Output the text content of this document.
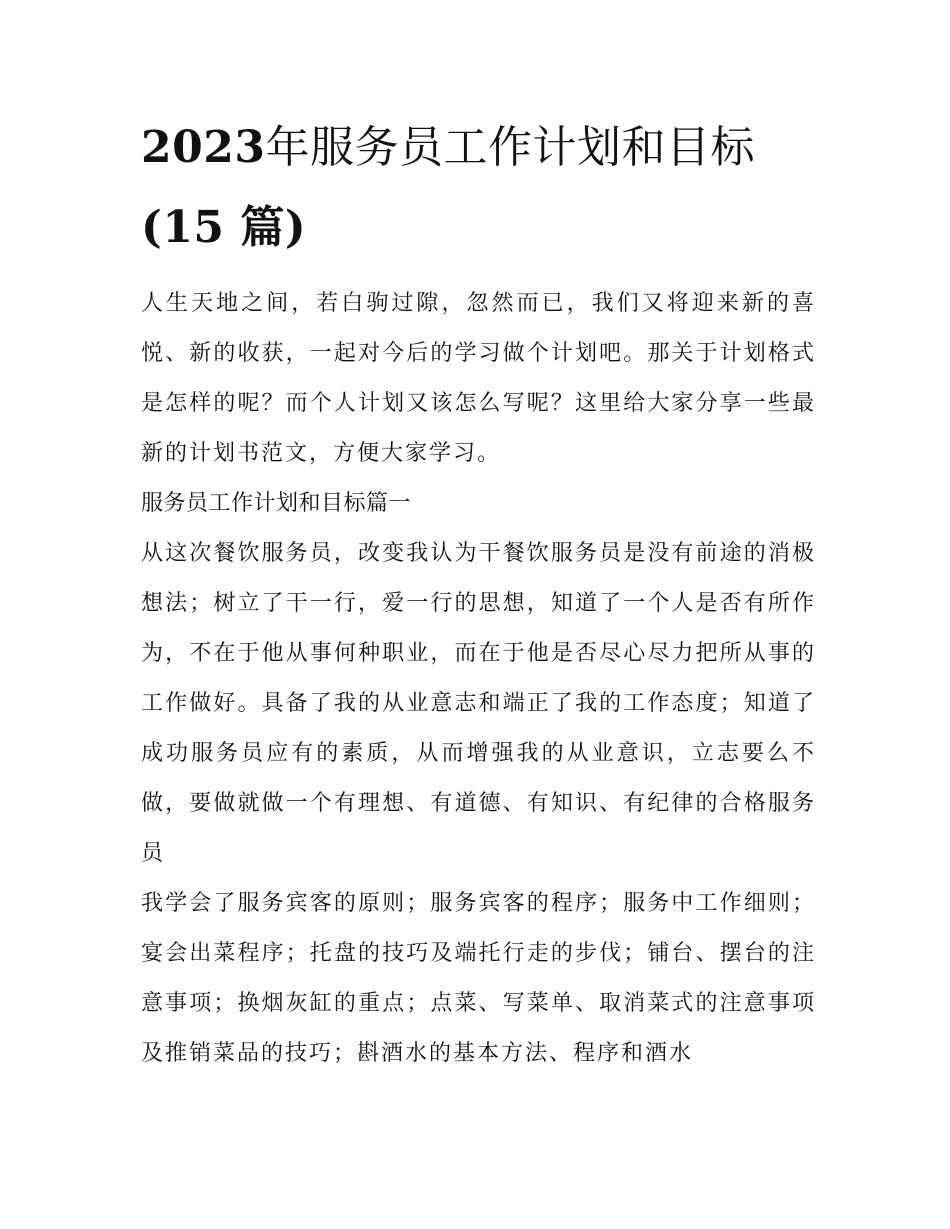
2023年服务员工作计划和目标
(15 篇)

人生天地之间，若白驹过隙，忽然而已，我们又将迎来新的喜悦、新的收获，一起对今后的学习做个计划吧。那关于计划格式是怎样的呢？而个人计划又该怎么写呢？这里给大家分享一些最新的计划书范文，方便大家学习。

服务员工作计划和目标篇一

从这次餐饮服务员，改变我认为干餐饮服务员是没有前途的消极想法；树立了干一行，爱一行的思想，知道了一个人是否有所作为，不在于他从事何种职业，而在于他是否尽心尽力把所从事的工作做好。具备了我的从业意志和端正了我的工作态度；知道了成功服务员应有的素质，从而增强我的从业意识，立志要么不做，要做就做一个有理想、有道德、有知识、有纪律的合格服务员

我学会了服务宾客的原则；服务宾客的程序；服务中工作细则；宴会出菜程序；托盘的技巧及端托行走的步伐；铺台、摆台的注意事项；换烟灰缸的重点；点菜、写菜单、取消菜式的注意事项及推销菜品的技巧；斟酒水的基本方法、程序和酒水
